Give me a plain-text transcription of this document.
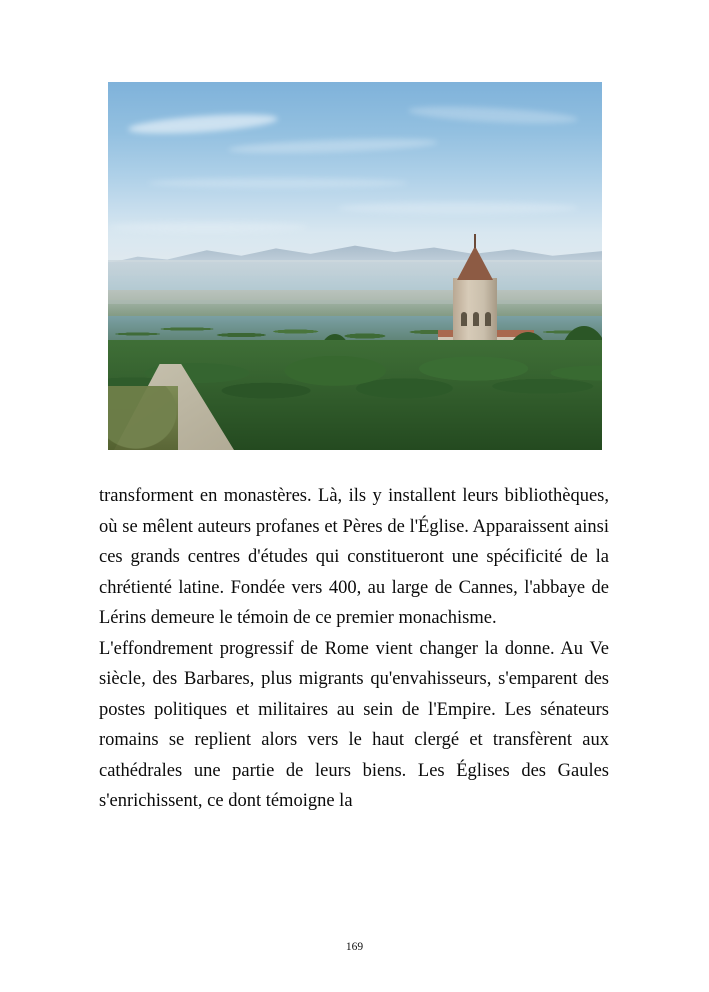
transforment en monastères. Là, ils y installent leurs bibliothèques, où se mêlent auteurs profanes et Pères de l'Église. Apparaissent ainsi ces grands centres d'études qui constitueront une spécificité de la chrétienté latine. Fondée vers 400, au large de Cannes, l'abbaye de Lérins demeure le témoin de ce premier monachisme.

L'effondrement progressif de Rome vient changer la donne. Au Ve siècle, des Barbares, plus migrants qu'envahisseurs, s'emparent des postes politiques et militaires au sein de l'Empire. Les sénateurs romains se replient alors vers le haut clergé et transfèrent aux cathédrales une partie de leurs biens. Les Églises des Gaules s'enrichissent, ce dont témoigne la

169
